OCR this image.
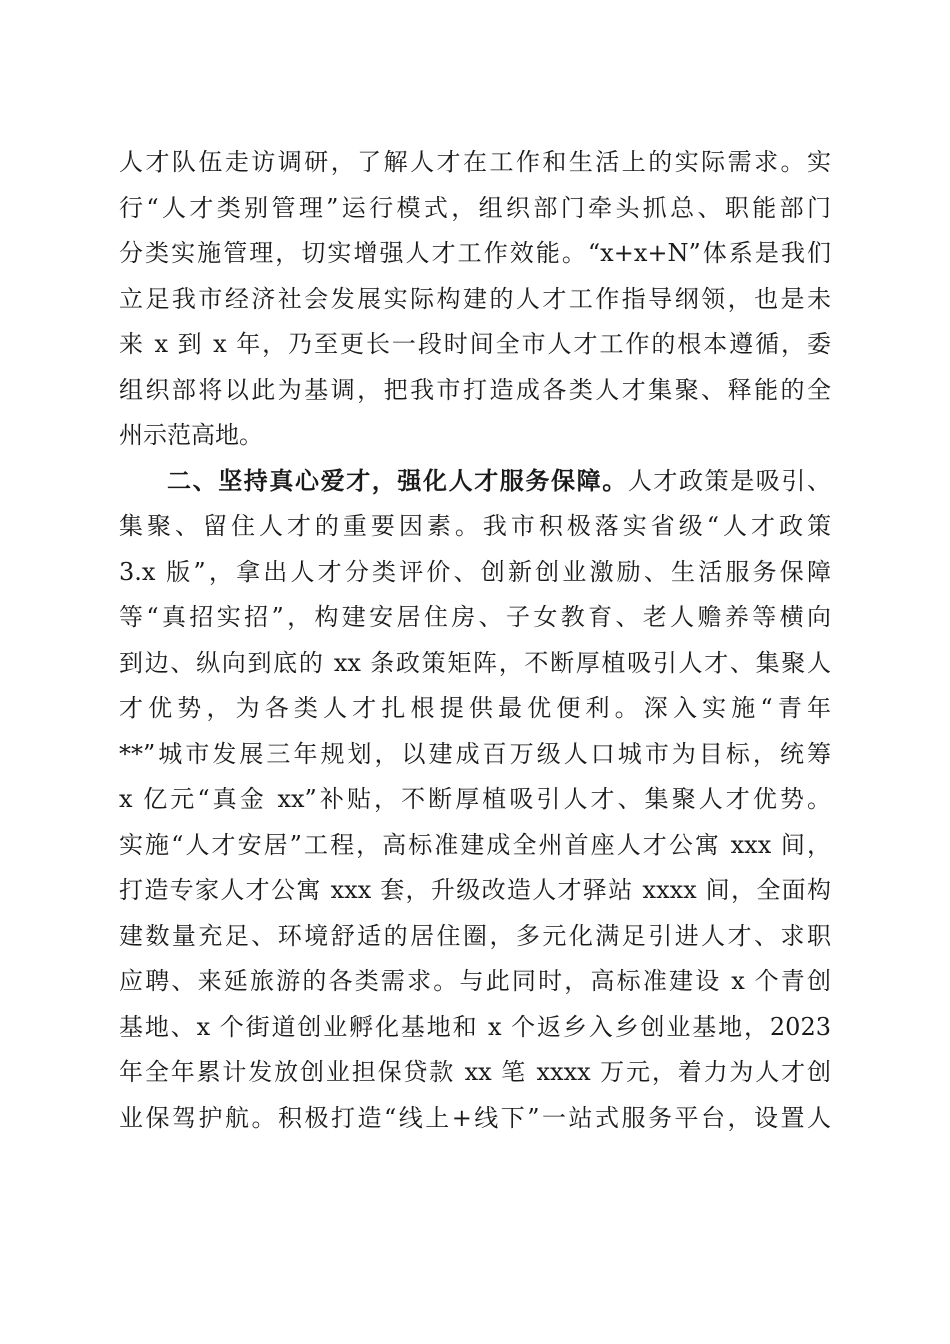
人才队伍走访调研，了解人才在工作和生活上的实际需求。实
行“人才类别管理”运行模式，组织部门牵头抓总、职能部门
分类实施管理，切实增强人才工作效能。“x+x+N”体系是我们
立足我市经济社会发展实际构建的人才工作指导纲领，也是未
来 x 到 x 年，乃至更长一段时间全市人才工作的根本遵循，委
组织部将以此为基调，把我市打造成各类人才集聚、释能的全
州示范高地。
二、坚持真心爱才，强化人才服务保障。人才政策是吸引、
集聚、留住人才的重要因素。我市积极落实省级“人才政策
3.x 版”，拿出人才分类评价、创新创业激励、生活服务保障
等“真招实招”，构建安居住房、子女教育、老人赡养等横向
到边、纵向到底的 xx 条政策矩阵，不断厚植吸引人才、集聚人
才优势，为各类人才扎根提供最优便利。深入实施“青年
**”城市发展三年规划，以建成百万级人口城市为目标，统筹
x 亿元“真金 xx”补贴，不断厚植吸引人才、集聚人才优势。
实施“人才安居”工程，高标准建成全州首座人才公寓 xxx 间，
打造专家人才公寓 xxx 套，升级改造人才驿站 xxxx 间，全面构
建数量充足、环境舒适的居住圈，多元化满足引进人才、求职
应聘、来延旅游的各类需求。与此同时，高标准建设 x 个青创
基地、x 个街道创业孵化基地和 x 个返乡入乡创业基地，2023
年全年累计发放创业担保贷款 xx 笔 xxxx 万元，着力为人才创
业保驾护航。积极打造“线上+线下”一站式服务平台，设置人
